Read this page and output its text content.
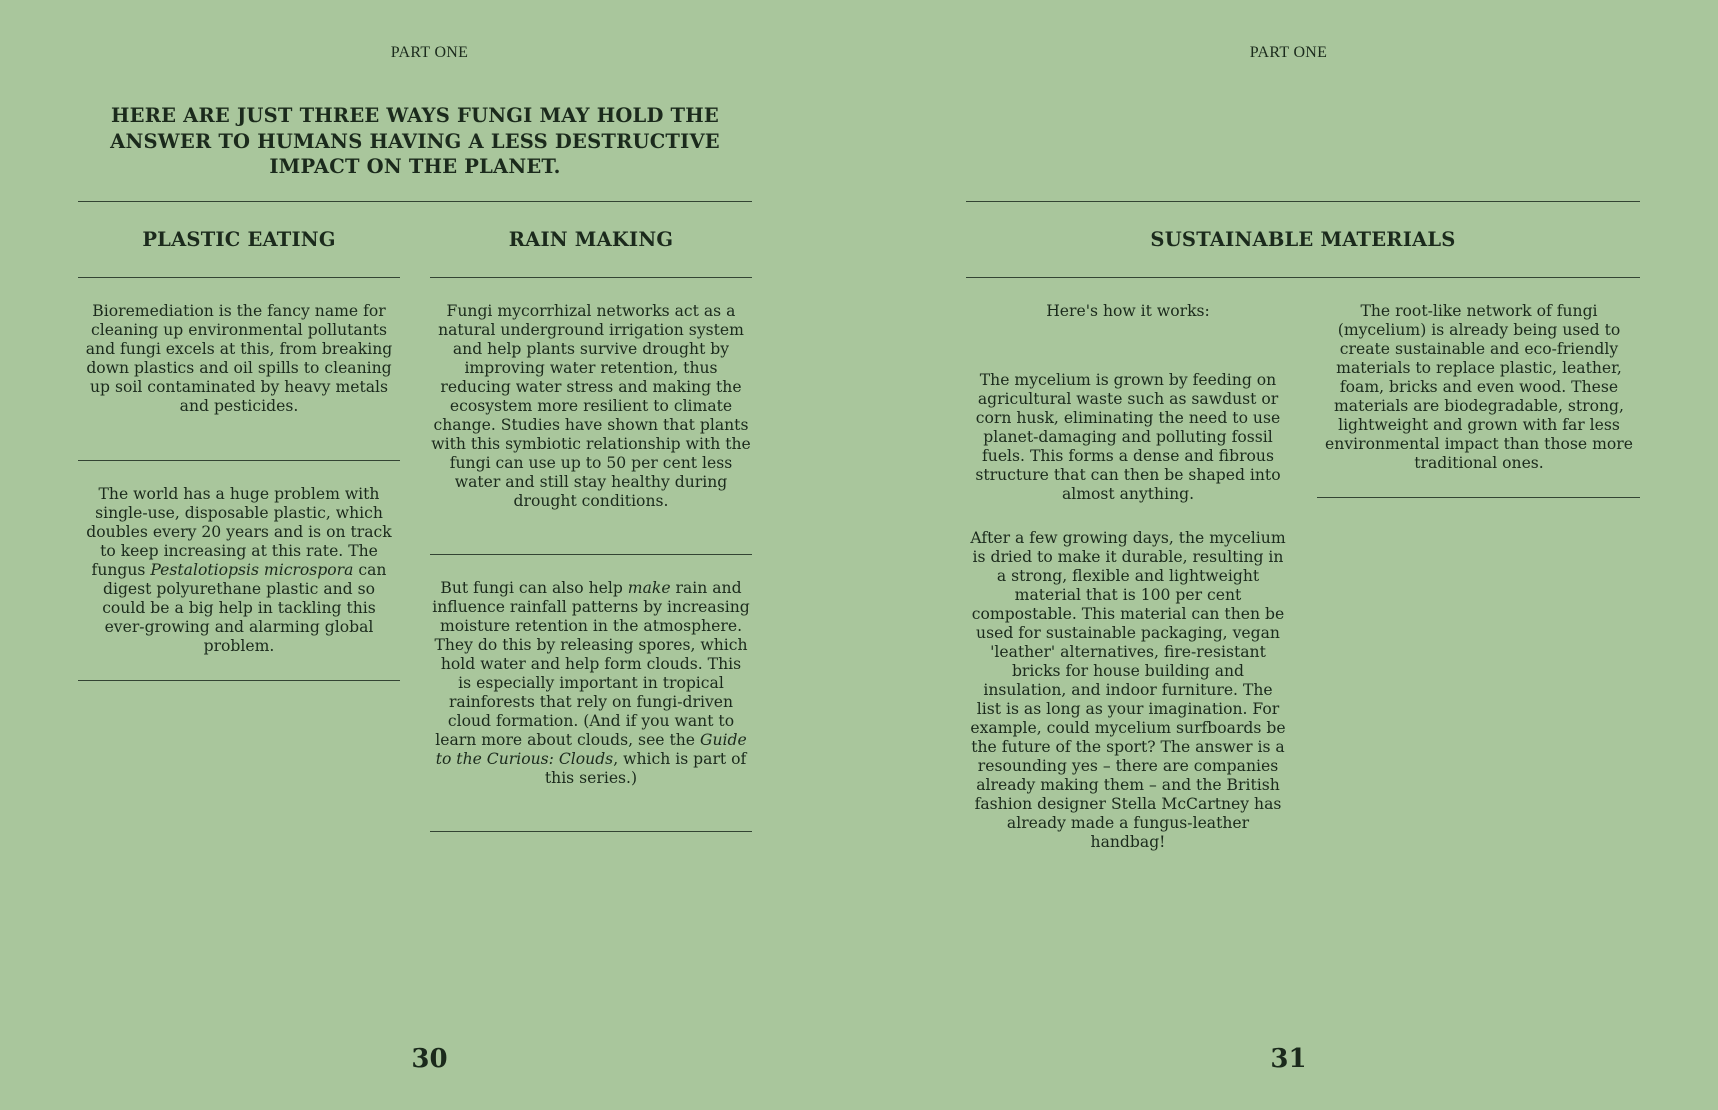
PART ONE
HERE ARE JUST THREE WAYS FUNGI MAY HOLD THE ANSWER TO HUMANS HAVING A LESS DESTRUCTIVE IMPACT ON THE PLANET.
PLASTIC EATING
Bioremediation is the fancy name for cleaning up environmental pollutants and fungi excels at this, from breaking down plastics and oil spills to cleaning up soil contaminated by heavy metals and pesticides.
The world has a huge problem with single-use, disposable plastic, which doubles every 20 years and is on track to keep increasing at this rate. The fungus Pestalotiopsis microspora can digest polyurethane plastic and so could be a big help in tackling this ever-growing and alarming global problem.
RAIN MAKING
Fungi mycorrhizal networks act as a natural underground irrigation system and help plants survive drought by improving water retention, thus reducing water stress and making the ecosystem more resilient to climate change. Studies have shown that plants with this symbiotic relationship with the fungi can use up to 50 per cent less water and still stay healthy during drought conditions.
But fungi can also help make rain and influence rainfall patterns by increasing moisture retention in the atmosphere. They do this by releasing spores, which hold water and help form clouds. This is especially important in tropical rainforests that rely on fungi-driven cloud formation. (And if you want to learn more about clouds, see the Guide to the Curious: Clouds, which is part of this series.)
30
PART ONE
SUSTAINABLE MATERIALS
Here's how it works:
The mycelium is grown by feeding on agricultural waste such as sawdust or corn husk, eliminating the need to use planet-damaging and polluting fossil fuels. This forms a dense and fibrous structure that can then be shaped into almost anything.
After a few growing days, the mycelium is dried to make it durable, resulting in a strong, flexible and lightweight material that is 100 per cent compostable. This material can then be used for sustainable packaging, vegan 'leather' alternatives, fire-resistant bricks for house building and insulation, and indoor furniture. The list is as long as your imagination. For example, could mycelium surfboards be the future of the sport? The answer is a resounding yes – there are companies already making them – and the British fashion designer Stella McCartney has already made a fungus-leather handbag!
The root-like network of fungi (mycelium) is already being used to create sustainable and eco-friendly materials to replace plastic, leather, foam, bricks and even wood. These materials are biodegradable, strong, lightweight and grown with far less environmental impact than those more traditional ones.
31
